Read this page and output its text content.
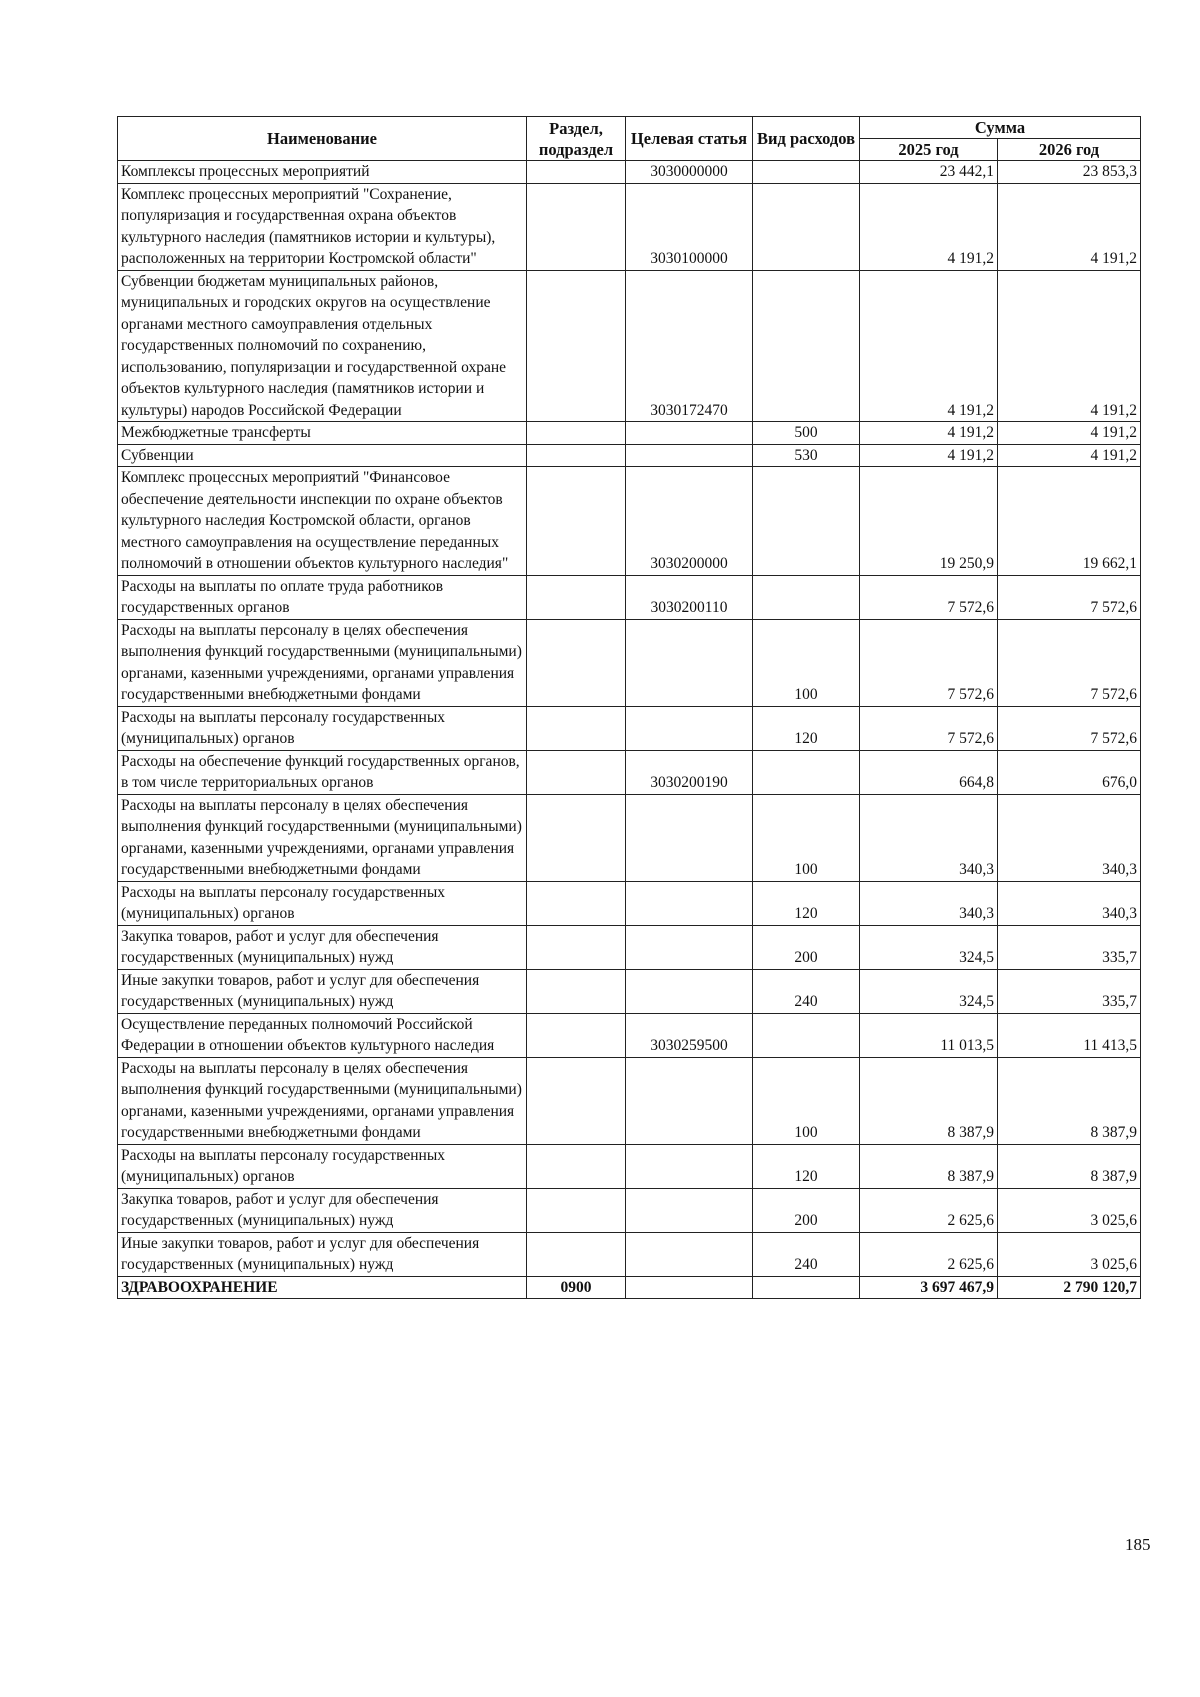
Наименование	Раздел, подраздел	Целевая статья	Вид расходов	Сумма	
				2025 год	2026 год
Комплексы процессных мероприятий		3030000000		23 442,1	23 853,3
Комплекс процессных мероприятий "Сохранение, популяризация и государственная охрана объектов культурного наследия (памятников истории и культуры), расположенных на территории Костромской области"		3030100000		4 191,2	4 191,2
Субвенции бюджетам муниципальных районов, муниципальных и городских округов на осуществление органами местного самоуправления отдельных государственных полномочий по сохранению, использованию, популяризации и государственной охране объектов культурного наследия (памятников истории и культуры) народов Российской Федерации		3030172470		4 191,2	4 191,2
Межбюджетные трансферты			500	4 191,2	4 191,2
Субвенции			530	4 191,2	4 191,2
Комплекс процессных мероприятий "Финансовое обеспечение деятельности инспекции по охране объектов культурного наследия Костромской области, органов местного самоуправления на осуществление переданных полномочий в отношении объектов культурного наследия"		3030200000		19 250,9	19 662,1
Расходы на выплаты по оплате труда работников государственных органов		3030200110		7 572,6	7 572,6
Расходы на выплаты персоналу в целях обеспечения выполнения функций государственными (муниципальными) органами, казенными учреждениями, органами управления государственными внебюджетными фондами			100	7 572,6	7 572,6
Расходы на выплаты персоналу государственных (муниципальных) органов			120	7 572,6	7 572,6
Расходы на обеспечение функций государственных органов, в том числе территориальных органов		3030200190		664,8	676,0
Расходы на выплаты персоналу в целях обеспечения выполнения функций государственными (муниципальными) органами, казенными учреждениями, органами управления государственными внебюджетными фондами			100	340,3	340,3
Расходы на выплаты персоналу государственных (муниципальных) органов			120	340,3	340,3
Закупка товаров, работ и услуг для обеспечения государственных (муниципальных) нужд			200	324,5	335,7
Иные закупки товаров, работ и услуг для обеспечения государственных (муниципальных) нужд			240	324,5	335,7
Осуществление переданных полномочий Российской Федерации в отношении объектов культурного наследия		3030259500		11 013,5	11 413,5
Расходы на выплаты персоналу в целях обеспечения выполнения функций государственными (муниципальными) органами, казенными учреждениями, органами управления государственными внебюджетными фондами			100	8 387,9	8 387,9
Расходы на выплаты персоналу государственных (муниципальных) органов			120	8 387,9	8 387,9
Закупка товаров, работ и услуг для обеспечения государственных (муниципальных) нужд			200	2 625,6	3 025,6
Иные закупки товаров, работ и услуг для обеспечения государственных (муниципальных) нужд			240	2 625,6	3 025,6
ЗДРАВООХРАНЕНИЕ	0900			3 697 467,9	2 790 120,7
185
